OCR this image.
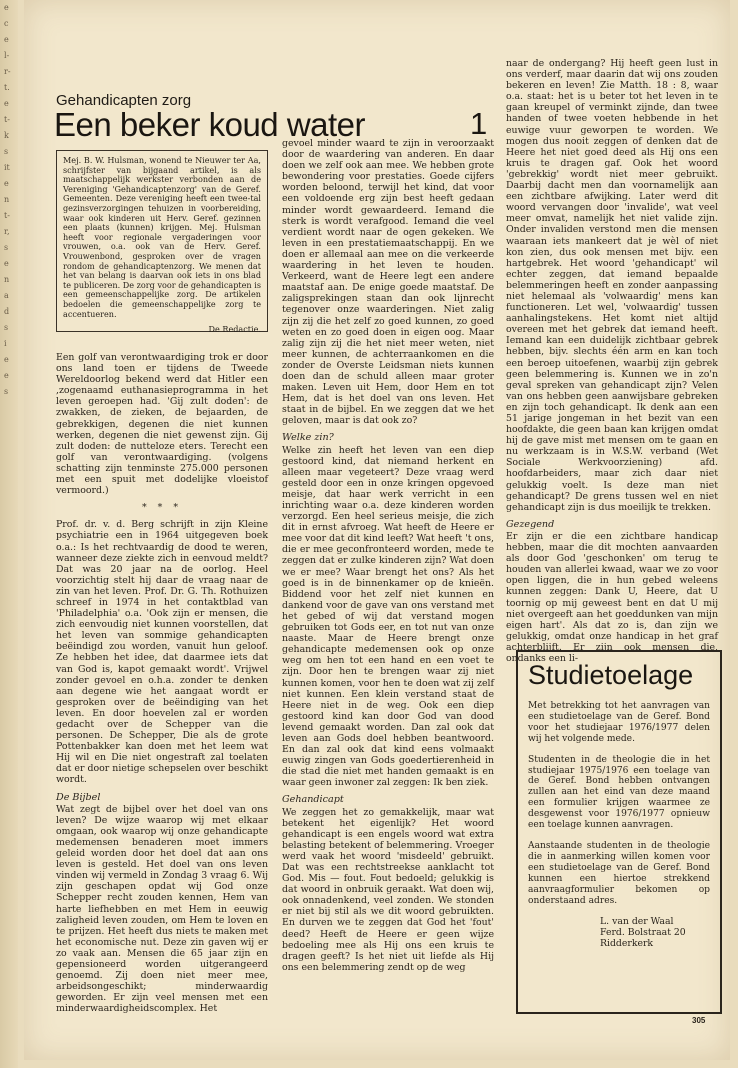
e
c
e
l-
r-
t.
e
t-
k
s
it
e
n
t-
r,
s
e
n
a
d
s
i
e
e
s
Gehandicapten zorg
Een beker koud water	1
Mej. B. W. Hulsman, wonend te Nieuwer ter Aa, schrijfster van bijgaand artikel, is als maatschappelijk werkster verbonden aan de Vereniging 'Gehandicaptenzorg' van de Geref. Gemeenten. Deze vereniging heeft een twee-tal gezinsverzorgingen tehuizen in voorbereiding, waar ook kinderen uit Herv. Geref. gezinnen een plaats (kunnen) krijgen. Mej. Hulsman heeft voor regionale vergaderingen voor vrouwen, o.a. ook van de Herv. Geref. Vrouwenbond, gesproken over de vragen rondom de gehandicaptenzorg. We menen dat het van belang is daarvan ook iets in ons blad te publiceren. De zorg voor de gehandicapten is een gemeenschappelijke zorg. De artikelen bedoelen die gemeenschappelijke zorg te accentueren.
De Redactie.

Een golf van verontwaardiging trok er door ons land toen er tijdens de Tweede Wereldoorlog bekend werd dat Hitler een ,zogenaamd euthanasieprogramma in het leven geroepen had. 'Gij zult doden': de zwakken, de zieken, de bejaarden, de gebrekkigen, degenen die niet kunnen werken, degenen die niet gewenst zijn. Gij zult doden: de nutteloze eters. Terecht een golf van verontwaardiging. (volgens schatting zijn tenminste 275.000 personen met een spuit met dodelijke vloeistof vermoord.)

* * *

Prof. dr. v. d. Berg schrijft in zijn Kleine psychiatrie een in 1964 uitgegeven boek o.a.: Is het rechtvaardig de dood te weren, wanneer deze ziekte zich in eenvoud meldt? Dat was 20 jaar na de oorlog. Heel voorzichtig stelt hij daar de vraag naar de zin van het leven. Prof. Dr. G. Th. Rothuizen schreef in 1974 in het contaktblad van 'Philadelphia' o.a. 'Ook zijn er mensen, die zich eenvoudig niet kunnen voorstellen, dat het leven van sommige gehandicapten beëindigd zou worden, vanuit hun geloof. Ze hebben het idee, dat daarmee iets dat van God is, kapot gemaakt wordt'. Vrijwel zonder gevoel en o.h.a. zonder te denken aan degene wie het aangaat wordt er gesproken over de beëindiging van het leven. En door hoevelen zal er worden gedacht over de Schepper van die personen. De Schepper, Die als de grote Pottenbakker kan doen met het leem wat Hij wil en Die niet ongestraft zal toelaten dat er door nietige schepselen over beschikt wordt.

De Bijbel

Wat zegt de bijbel over het doel van ons leven? De wijze waarop wij met elkaar omgaan, ook waarop wij onze gehandicapte medemensen benaderen moet immers geleid worden door het doel dat aan ons leven is gesteld. Het doel van ons leven vinden wij vermeld in Zondag 3 vraag 6. Wij zijn geschapen opdat wij God onze Schepper recht zouden kennen, Hem van harte liefhebben en met Hem in eeuwig zaligheid leven zouden, om Hem te loven en te prijzen. Het heeft dus niets te maken met het economische nut. Deze zin gaven wij er zo vaak aan. Mensen die 65 jaar zijn en gepensioneerd worden uitgerangeerd genoemd. Zij doen niet meer mee, arbeidsongeschikt; minderwaardig geworden. Er zijn veel mensen met een minderwaardigheidscomplex. Het

gevoel minder waard te zijn in veroorzaakt door de waardering van anderen. En daar doen we zelf ook aan mee. We hebben grote bewondering voor prestaties. Goede cijfers worden beloond, terwijl het kind, dat voor een voldoende erg zijn best heeft gedaan minder wordt gewaardeerd. Iemand die sterk is wordt verafgood. Iemand die veel verdient wordt naar de ogen gekeken. We leven in een prestatiemaatschappij. En we doen er allemaal aan mee on die verkeerde waardering in het leven te houden. Verkeerd, want de Heere legt een andere maatstaf aan. De enige goede maatstaf. De zaligsprekingen staan dan ook lijnrecht tegenover onze waarderingen. Niet zalig zijn zij die het zelf zo goed kunnen, zo goed weten en zo goed doen in eigen oog. Maar zalig zijn zij die het niet meer weten, niet meer kunnen, de achterraankomen en die zonder de Overste Leidsman niets kunnen doen dan de schuld alleen maar groter maken. Leven uit Hem, door Hem en tot Hem, dat is het doel van ons leven. Het staat in de bijbel. En we zeggen dat we het geloven, maar is dat ook zo?

Welke zin?

Welke zin heeft het leven van een diep gestoord kind, dat niemand herkent en alleen maar vegeteert? Deze vraag werd gesteld door een in onze kringen opgevoed meisje, dat haar werk verricht in een inrichting waar o.a. deze kinderen worden verzorgd. Een heel serieus meisje, die zich dit in ernst afvroeg. Wat heeft de Heere er mee voor dat dit kind leeft? Wat heeft 't ons, die er mee geconfronteerd worden, mede te zeggen dat er zulke kinderen zijn? Wat doen we er mee? Waar brengt het ons? Als het goed is in de binnenkamer op de knieën. Biddend voor het zelf niet kunnen en dankend voor de gave van ons verstand met het gebed of wij dat verstand mogen gebruiken tot Gods eer, en tot nut van onze naaste. Maar de Heere brengt onze gehandicapte medemensen ook op onze weg om hen tot een hand en een voet te zijn. Door hen te brengen waar zij niet kunnen komen, voor hen te doen wat zij zelf niet kunnen. Een klein verstand staat de Heere niet in de weg. Ook een diep gestoord kind kan door God van dood levend gemaakt worden. Dan zal ook dat leven aan Gods doel hebben beantwoord. En dan zal ook dat kind eens volmaakt euwig zingen van Gods goedertierenheid in die stad die niet met handen gemaakt is en waar geen inwoner zal zeggen: Ik ben ziek.

Gehandicapt

We zeggen het zo gemakkelijk, maar wat betekent het eigenlijk? Het woord gehandicapt is een engels woord wat extra belasting betekent of belemmering. Vroeger werd vaak het woord 'misdeeld' gebruikt. Dat was een rechtstreekse aanklacht tot God. Mis — fout. Fout bedoeld; gelukkig is dat woord in onbruik geraakt. Wat doen wij, ook onnadenkend, veel zonden. We stonden er niet bij stil als we dit woord gebruikten. En durven we te zeggen dat God het 'fout' deed? Heeft de Heere er geen wijze bedoeling mee als Hij ons een kruis te dragen geeft? Is het niet uit liefde als Hij ons een belemmering zendt op de weg

naar de ondergang? Hij heeft geen lust in ons verderf, maar daarin dat wij ons zouden bekeren en leven! Zie Matth. 18 : 8, waar o.a. staat: het is u beter tot het leven in te gaan kreupel of verminkt zijnde, dan twee handen of twee voeten hebbende in het euwige vuur geworpen te worden. We mogen dus nooit zeggen of denken dat de Heere het niet goed deed als Hij ons een kruis te dragen gaf. Ook het woord 'gebrekkig' wordt niet meer gebruikt. Daarbij dacht men dan voornamelijk aan een zichtbare afwijking. Later werd dit woord vervangen door 'invalide', wat veel meer omvat, namelijk het niet valide zijn. Onder invaliden verstond men die mensen waaraan iets mankeert dat je wèl of niet kon zien, dus ook mensen met bijv. een hartgebrek. Het woord 'gehandicapt' wil echter zeggen, dat iemand bepaalde belemmeringen heeft en zonder aanpassing niet helemaal als 'volwaardig' mens kan functioneren. Let wel, 'volwaardig' tussen aanhalingstekens. Het komt niet altijd overeen met het gebrek dat iemand heeft. Iemand kan een duidelijk zichtbaar gebrek hebben, bijv. slechts één arm en kan toch een beroep uitoefenen, waarbij zijn gebrek geen belemmering is. Kunnen we in zo'n geval spreken van gehandicapt zijn? Velen van ons hebben geen aanwijsbare gebreken en zijn toch gehandicapt. Ik denk aan een 51 jarige jongeman in het bezit van een hoofdakte, die geen baan kan krijgen omdat hij de gave mist met mensen om te gaan en nu werkzaam is in W.S.W. verband (Wet Sociale Werkvoorziening) afd. hoofdarbeiders, maar zich daar niet gelukkig voelt. Is deze man niet gehandicapt? De grens tussen wel en niet gehandicapt zijn is dus moeilijk te trekken.

Gezegend

Er zijn er die een zichtbare handicap hebben, maar die dit mochten aanvaarden als door God 'geschonken' om terug te houden van allerlei kwaad, waar we zo voor open liggen, die in hun gebed weleens kunnen zeggen: Dank U, Heere, dat U toornig op mij geweest bent en dat U mij niet overgeeft aan het goeddunken van mijn eigen hart'. Als dat zo is, dan zijn we gelukkig, omdat onze handicap in het graf achterblijft. Er zijn ook mensen die, ondanks een li-

Studietoelage

Met betrekking tot het aanvragen van een studietoelage van de Geref. Bond voor het studiejaar 1976/1977 delen wij het volgende mede.

Studenten in de theologie die in het studiejaar 1975/1976 een toelage van de Geref. Bond hebben ontvangen zullen aan het eind van deze maand een formulier krijgen waarmee ze desgewenst voor 1976/1977 opnieuw een toelage kunnen aanvragen.

Aanstaande studenten in de theologie die in aanmerking willen komen voor een studietoelage van de Geref. Bond kunnen een hiertoe strekkend aanvraagformulier bekomen op onderstaand adres.

L. van der Waal
Ferd. Bolstraat 20
Ridderkerk
305
